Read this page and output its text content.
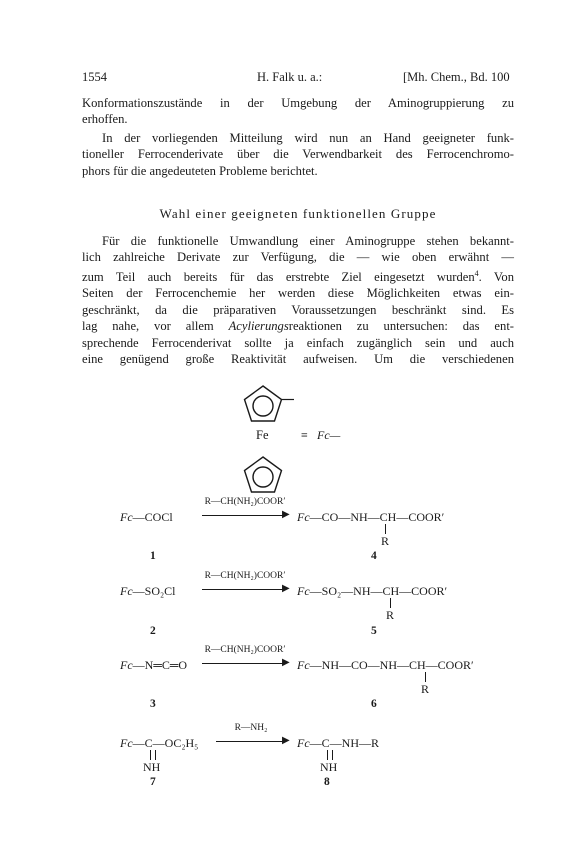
1554	H. Falk u. a.:	[Mh. Chem., Bd. 100
Konformationszustände in der Umgebung der Aminogruppierung zu
erhoffen.
In der vorliegenden Mitteilung wird nun an Hand geeigneter funk-
tioneller Ferrocenderivate über die Verwendbarkeit des Ferrocenchromo-
phors für die angedeuteten Probleme berichtet.
Wahl einer geeigneten funktionellen Gruppe
Für die funktionelle Umwandlung einer Aminogruppe stehen bekannt-
lich zahlreiche Derivate zur Verfügung, die — wie oben erwähnt —
zum Teil auch bereits für das erstrebte Ziel eingesetzt wurden$^4$. Von
Seiten der Ferrocenchemie her werden diese Möglichkeiten etwas ein-
geschränkt, da die präparativen Voraussetzungen beschränkt sind. Es
lag nahe, vor allem Acylierungsreaktionen zu untersuchen: das ent-
sprechende Ferrocenderivat sollte ja einfach zugänglich sein und auch
eine genügend große Reaktivität aufweisen. Um die verschiedenen
Fe	≡ Fc—
Fc—COCl
R—CH(NH₂)COOR′
▶ Fc—CO—NH—CH—COOR′
R
1	4
Fc—SO₂Cl
R—CH(NH₂)COOR′
▶ Fc—SO₂—NH—CH—COOR′
R
2	5
Fc—N═C═O
R—CH(NH₂)COOR′
▶ Fc—NH—CO—NH—CH—COOR′
R
3	6
Fc—C—OC₂H₅
NH
R—NH₂
▶ Fc—C—NH—R
NH
7	8
